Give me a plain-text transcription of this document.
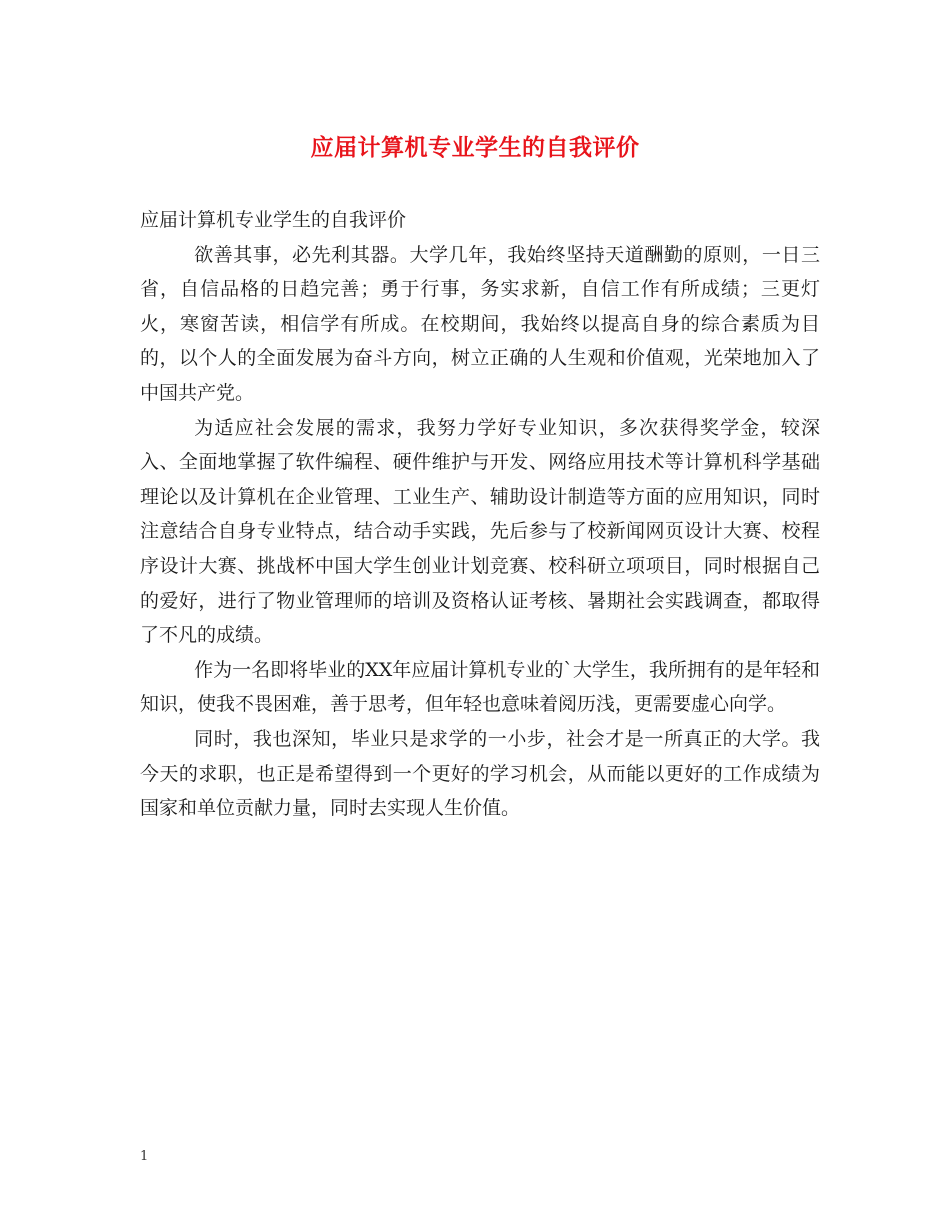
应届计算机专业学生的自我评价

应届计算机专业学生的自我评价

欲善其事，必先利其器。大学几年，我始终坚持天道酬勤的原则，一日三省，自信品格的日趋完善；勇于行事，务实求新，自信工作有所成绩；三更灯火，寒窗苦读，相信学有所成。在校期间，我始终以提高自身的综合素质为目的，以个人的全面发展为奋斗方向，树立正确的人生观和价值观，光荣地加入了中国共产党。

为适应社会发展的需求，我努力学好专业知识，多次获得奖学金，较深入、全面地掌握了软件编程、硬件维护与开发、网络应用技术等计算机科学基础理论以及计算机在企业管理、工业生产、辅助设计制造等方面的应用知识，同时注意结合自身专业特点，结合动手实践，先后参与了校新闻网页设计大赛、校程序设计大赛、挑战杯中国大学生创业计划竞赛、校科研立项项目，同时根据自己的爱好，进行了物业管理师的培训及资格认证考核、暑期社会实践调查，都取得了不凡的成绩。

作为一名即将毕业的XX年应届计算机专业的`大学生，我所拥有的是年轻和知识，使我不畏困难，善于思考，但年轻也意味着阅历浅，更需要虚心向学。

同时，我也深知，毕业只是求学的一小步，社会才是一所真正的大学。我今天的求职，也正是希望得到一个更好的学习机会，从而能以更好的工作成绩为国家和单位贡献力量，同时去实现人生价值。

1
